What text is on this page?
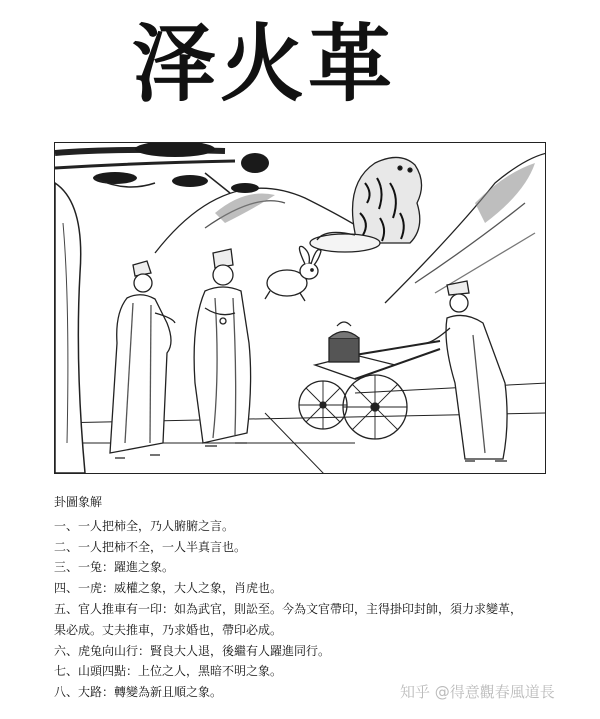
泽火革
卦圖象解
一、一人把柿全，乃人腑腑之言。
二、一人把柿不全，一人半真言也。
三、一兔：躍進之象。
四、一虎：威權之象，大人之象，肖虎也。
五、官人推車有一印：如為武官，則訟至。今為文官帶印，主得掛印封帥，須力求變革，
果必成。丈夫推車，乃求婚也，帶印必成。
六、虎兔向山行：賢良大人退，後繼有人躍進同行。
七、山頭四點：上位之人，黑暗不明之象。
八、大路：轉變為新且順之象。	知乎 @得意觀春風道長
